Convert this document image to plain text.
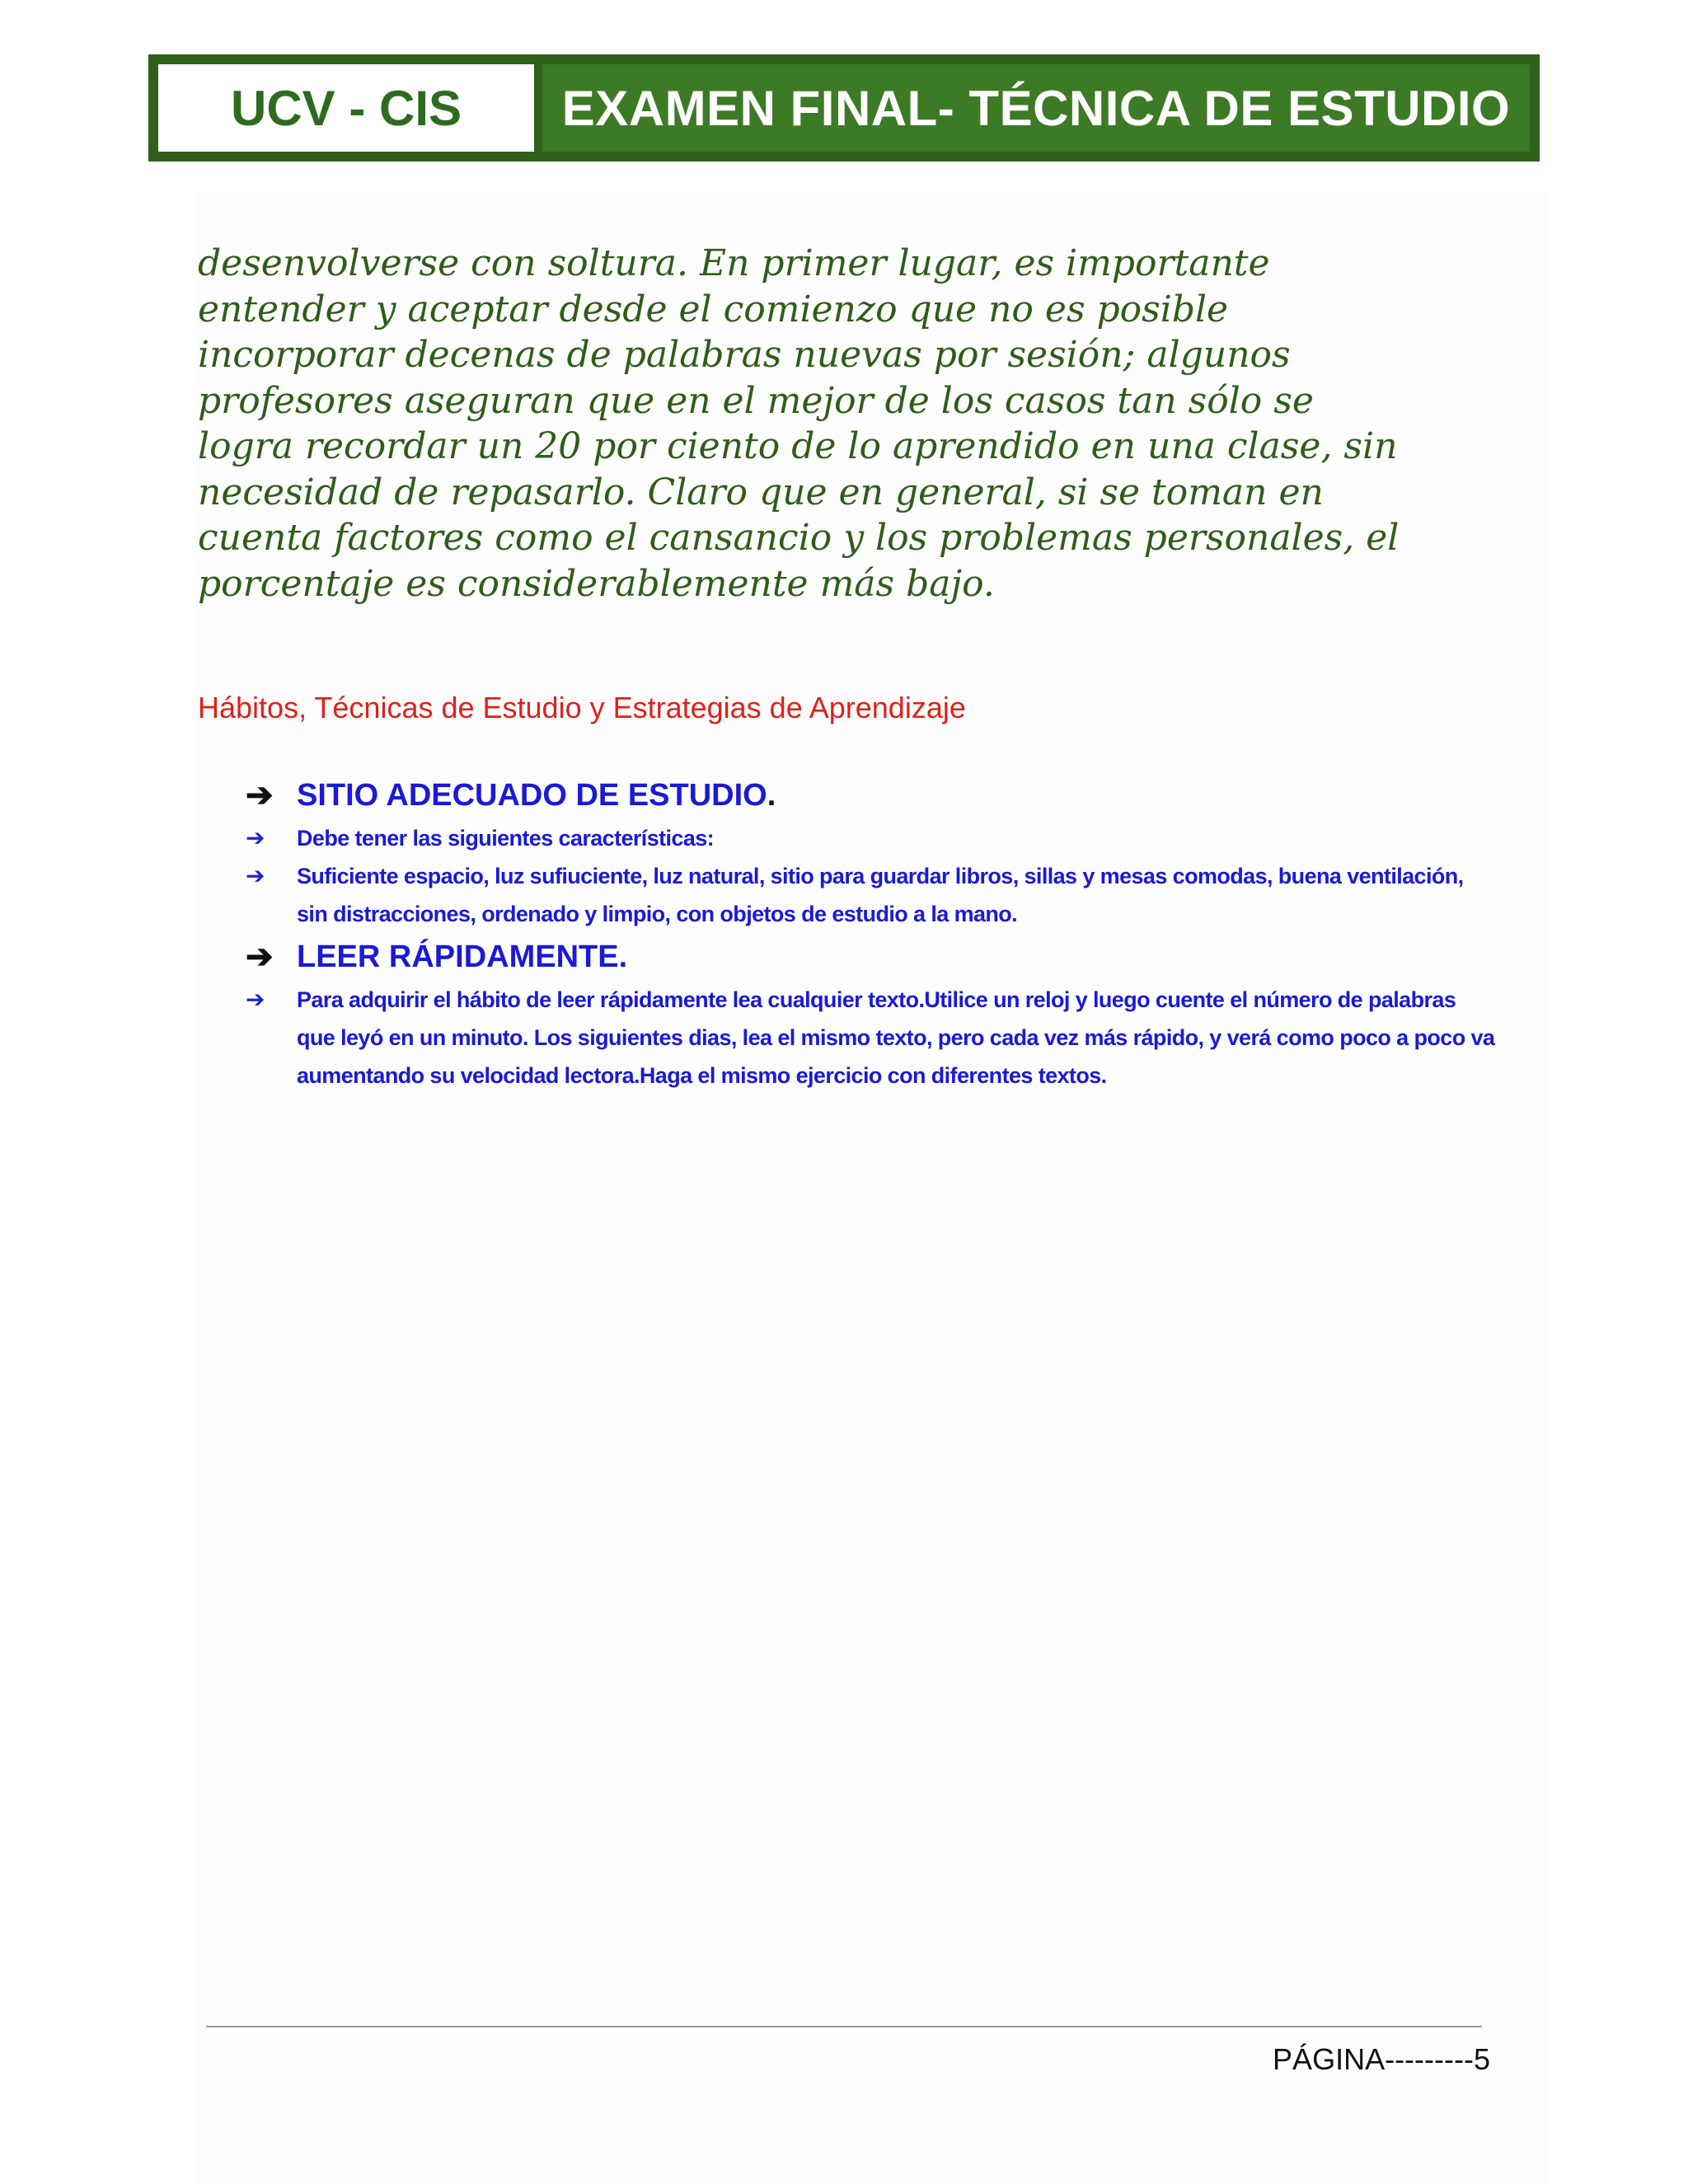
UCV - CIS EXAMEN FINAL- TÉCNICA DE ESTUDIO

desenvolverse con soltura. En primer lugar, es importante
entender y aceptar desde el comienzo que no es posible
incorporar decenas de palabras nuevas por sesión; algunos
profesores aseguran que en el mejor de los casos tan sólo se
logra recordar un 20 por ciento de lo aprendido en una clase, sin
necesidad de repasarlo. Claro que en general, si se toman en
cuenta factores como el cansancio y los problemas personales, el
porcentaje es considerablemente más bajo.

Hábitos, Técnicas de Estudio y Estrategias de Aprendizaje
➔ SITIO ADECUADO DE ESTUDIO.
➔ Debe tener las siguientes características:
➔ Suficiente espacio, luz sufiuciente, luz natural, sitio para guardar libros, sillas y mesas comodas, buena ventilación, sin distracciones, ordenado y limpio, con objetos de estudio a la mano.
➔ LEER RÁPIDAMENTE.
➔ Para adquirir el hábito de leer rápidamente lea cualquier texto.Utilice un reloj y luego cuente el número de palabras que leyó en un minuto. Los siguientes dias, lea el mismo texto, pero cada vez más rápido, y verá como poco a poco va aumentando su velocidad lectora.Haga el mismo ejercicio con diferentes textos.
PÁGINA---------5
